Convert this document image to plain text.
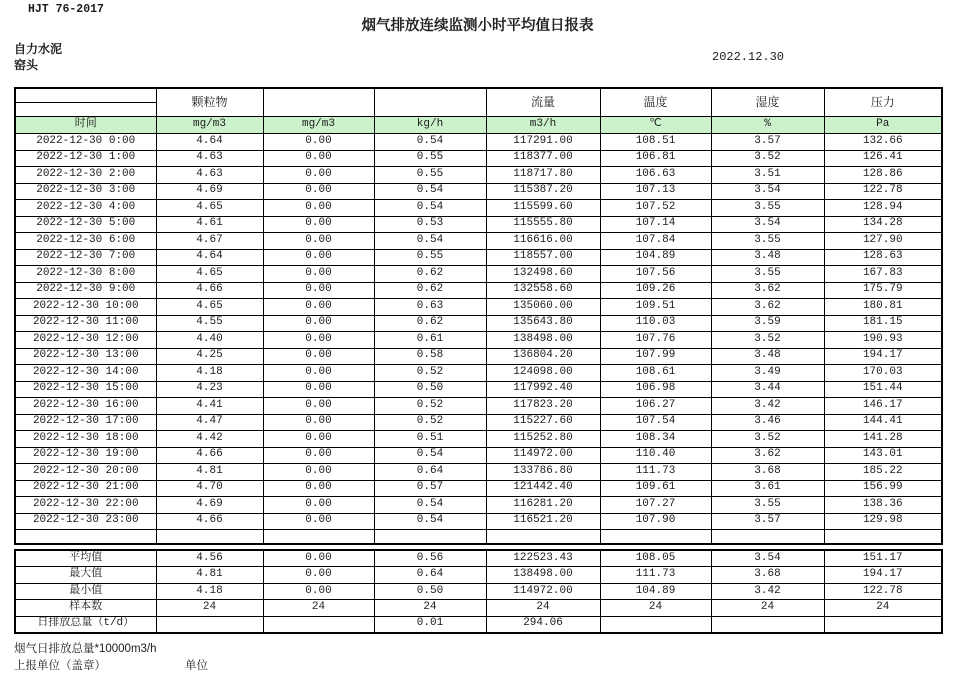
HJT 76-2017
烟气排放连续监测小时平均值日报表
自力水泥
窑头
2022.12.30
	颗粒物			流量	温度	湿度	压力

时间	mg/m3	mg/m3	kg/h	m3/h	℃	%	Pa
2022-12-30 0:00	4.64	0.00	0.54	117291.00	108.51	3.57	132.66
2022-12-30 1:00	4.63	0.00	0.55	118377.00	106.81	3.52	126.41
2022-12-30 2:00	4.63	0.00	0.55	118717.80	106.63	3.51	128.86
2022-12-30 3:00	4.69	0.00	0.54	115387.20	107.13	3.54	122.78
2022-12-30 4:00	4.65	0.00	0.54	115599.60	107.52	3.55	128.94
2022-12-30 5:00	4.61	0.00	0.53	115555.80	107.14	3.54	134.28
2022-12-30 6:00	4.67	0.00	0.54	116616.00	107.84	3.55	127.90
2022-12-30 7:00	4.64	0.00	0.55	118557.00	104.89	3.48	128.63
2022-12-30 8:00	4.65	0.00	0.62	132498.60	107.56	3.55	167.83
2022-12-30 9:00	4.66	0.00	0.62	132558.60	109.26	3.62	175.79
2022-12-30 10:00	4.65	0.00	0.63	135060.00	109.51	3.62	180.81
2022-12-30 11:00	4.55	0.00	0.62	135643.80	110.03	3.59	181.15
2022-12-30 12:00	4.40	0.00	0.61	138498.00	107.76	3.52	190.93
2022-12-30 13:00	4.25	0.00	0.58	136804.20	107.99	3.48	194.17
2022-12-30 14:00	4.18	0.00	0.52	124098.00	108.61	3.49	170.03
2022-12-30 15:00	4.23	0.00	0.50	117992.40	106.98	3.44	151.44
2022-12-30 16:00	4.41	0.00	0.52	117823.20	106.27	3.42	146.17
2022-12-30 17:00	4.47	0.00	0.52	115227.60	107.54	3.46	144.41
2022-12-30 18:00	4.42	0.00	0.51	115252.80	108.34	3.52	141.28
2022-12-30 19:00	4.66	0.00	0.54	114972.00	110.40	3.62	143.01
2022-12-30 20:00	4.81	0.00	0.64	133786.80	111.73	3.68	185.22
2022-12-30 21:00	4.70	0.00	0.57	121442.40	109.61	3.61	156.99
2022-12-30 22:00	4.69	0.00	0.54	116281.20	107.27	3.55	138.36
2022-12-30 23:00	4.66	0.00	0.54	116521.20	107.90	3.57	129.98

平均值	4.56	0.00	0.56	122523.43	108.05	3.54	151.17
最大值	4.81	0.00	0.64	138498.00	111.73	3.68	194.17
最小值	4.18	0.00	0.50	114972.00	104.89	3.42	122.78
样本数	24	24	24	24	24	24	24
日排放总量（t/d）			0.01	294.06			
烟气日排放总量*10000m3/h
上报单位（盖章）	单位
